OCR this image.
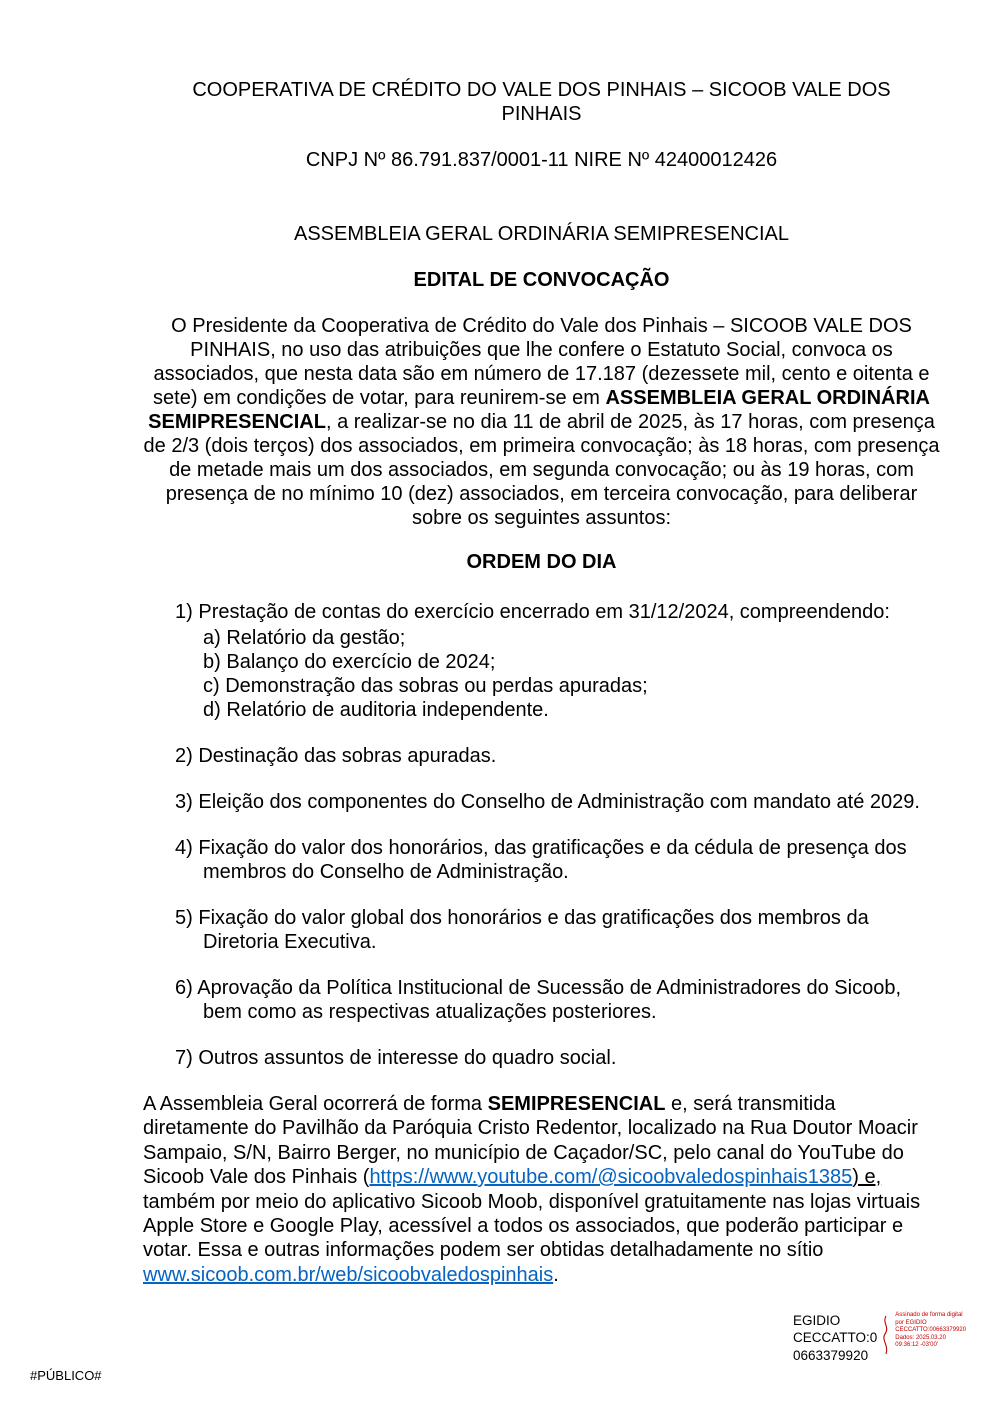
COOPERATIVA DE CRÉDITO DO VALE DOS PINHAIS – SICOOB VALE DOS PINHAIS

CNPJ Nº 86.791.837/0001-11 NIRE Nº 42400012426

ASSEMBLEIA GERAL ORDINÁRIA SEMIPRESENCIAL

EDITAL DE CONVOCAÇÃO

O Presidente da Cooperativa de Crédito do Vale dos Pinhais – SICOOB VALE DOS PINHAIS, no uso das atribuições que lhe confere o Estatuto Social, convoca os associados, que nesta data são em número de 17.187 (dezessete mil, cento e oitenta e sete) em condições de votar, para reunirem-se em ASSEMBLEIA GERAL ORDINÁRIA SEMIPRESENCIAL, a realizar-se no dia 11 de abril de 2025, às 17 horas, com presença de 2/3 (dois terços) dos associados, em primeira convocação; às 18 horas, com presença de metade mais um dos associados, em segunda convocação; ou às 19 horas, com presença de no mínimo 10 (dez) associados, em terceira convocação, para deliberar sobre os seguintes assuntos:

ORDEM DO DIA

1) Prestação de contas do exercício encerrado em 31/12/2024, compreendendo:

a) Relatório da gestão;

b) Balanço do exercício de 2024;

c) Demonstração das sobras ou perdas apuradas;

d) Relatório de auditoria independente.

2) Destinação das sobras apuradas.

3) Eleição dos componentes do Conselho de Administração com mandato até 2029.

4) Fixação do valor dos honorários, das gratificações e da cédula de presença dos membros do Conselho de Administração.

5) Fixação do valor global dos honorários e das gratificações dos membros da Diretoria Executiva.

6) Aprovação da Política Institucional de Sucessão de Administradores do Sicoob, bem como as respectivas atualizações posteriores.

7) Outros assuntos de interesse do quadro social.

A Assembleia Geral ocorrerá de forma SEMIPRESENCIAL e, será transmitida diretamente do Pavilhão da Paróquia Cristo Redentor, localizado na Rua Doutor Moacir Sampaio, S/N, Bairro Berger, no município de Caçador/SC, pelo canal do YouTube do Sicoob Vale dos Pinhais (https://www.youtube.com/@sicoobvaledospinhais1385) e, também por meio do aplicativo Sicoob Moob, disponível gratuitamente nas lojas virtuais Apple Store e Google Play, acessível a todos os associados, que poderão participar e votar. Essa e outras informações podem ser obtidas detalhadamente no sítio www.sicoob.com.br/web/sicoobvaledospinhais.

EGIDIO
CECCATTO:0
0663379920
Assinado de forma digital por EGIDIO CECCATTO:00663379920 Dados: 2025.03.20 09:36:12 -03'00'
#PÚBLICO#
